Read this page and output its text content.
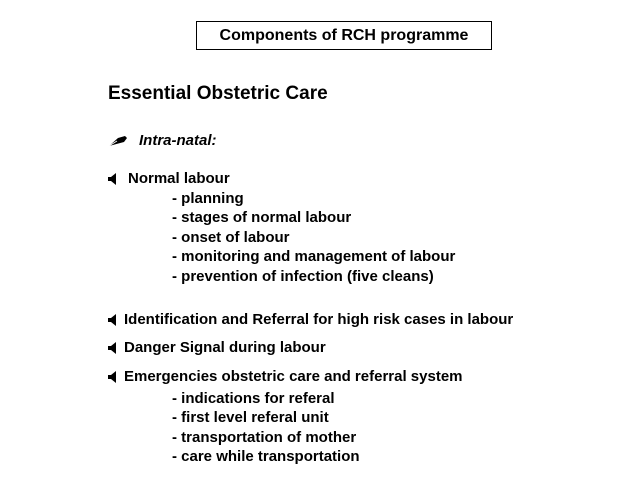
Components of RCH programme
Essential Obstetric Care
Intra-natal:
Normal labour
- planning
- stages of normal labour
- onset of labour
- monitoring and management of labour
- prevention of infection (five cleans)
Identification and Referral for high risk cases in labour
Danger Signal during labour
Emergencies obstetric care and referral system
- indications for referal
- first level referal unit
- transportation of mother
- care while transportation
